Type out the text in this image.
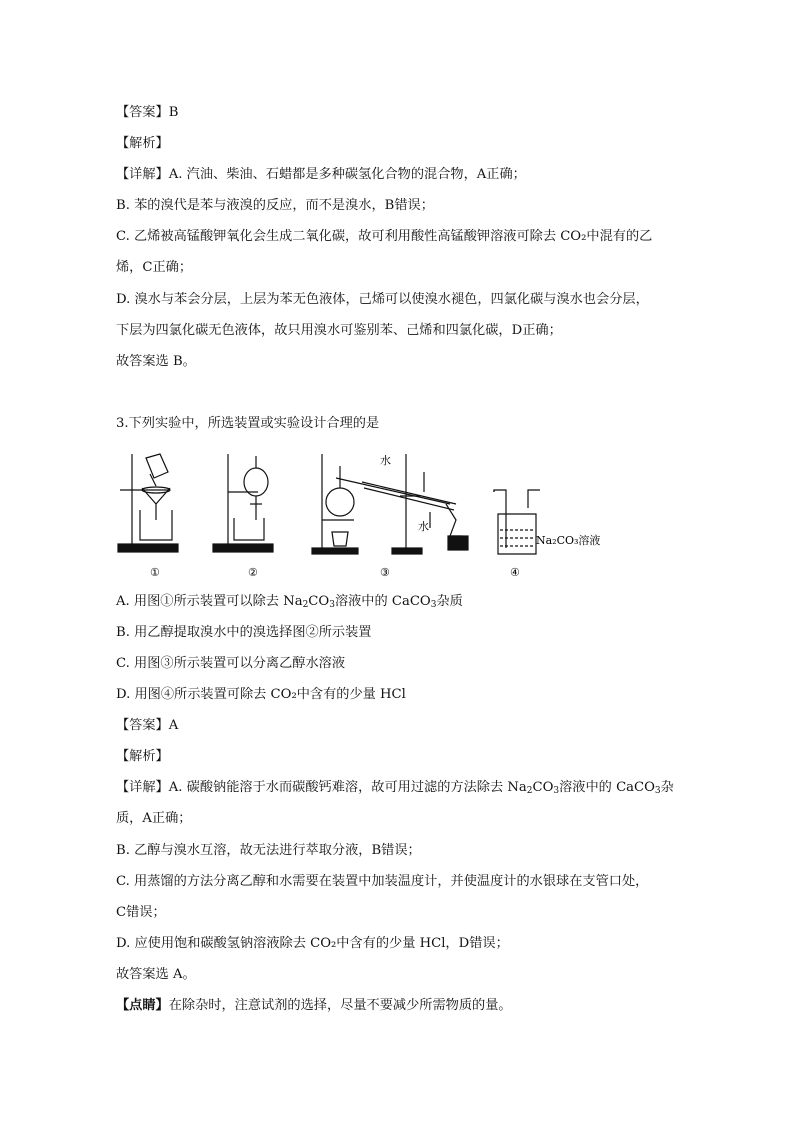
【答案】B
【解析】
【详解】A. 汽油、柴油、石蜡都是多种碳氢化合物的混合物，A正确；
B. 苯的溴代是苯与液溴的反应，而不是溴水，B错误；
C. 乙烯被高锰酸钾氧化会生成二氧化碳，故可利用酸性高锰酸钾溶液可除去 CO₂中混有的乙
烯，C正确；
D. 溴水与苯会分层，上层为苯无色液体，己烯可以使溴水褪色，四氯化碳与溴水也会分层，
下层为四氯化碳无色液体，故只用溴水可鉴别苯、己烯和四氯化碳，D正确；
故答案选 B。
3.下列实验中，所选装置或实验设计合理的是
①	②	③	④
水
水
Na₂CO₃溶液
A. 用图①所示装置可以除去 $Na_2CO_3$溶液中的 CaCO$_3$杂质
B. 用乙醇提取溴水中的溴选择图②所示装置
C. 用图③所示装置可以分离乙醇水溶液
D. 用图④所示装置可除去 CO₂中含有的少量 HCl
【答案】A
【解析】
【详解】A. 碳酸钠能溶于水而碳酸钙难溶，故可用过滤的方法除去 $Na_2CO_3$溶液中的 CaCO$_3$杂
质，A正确；
B. 乙醇与溴水互溶，故无法进行萃取分液，B错误；
C. 用蒸馏的方法分离乙醇和水需要在装置中加装温度计，并使温度计的水银球在支管口处，
C错误；
D. 应使用饱和碳酸氢钠溶液除去 CO₂中含有的少量 HCl，D错误；
故答案选 A。
【点睛】在除杂时，注意试剂的选择，尽量不要减少所需物质的量。
